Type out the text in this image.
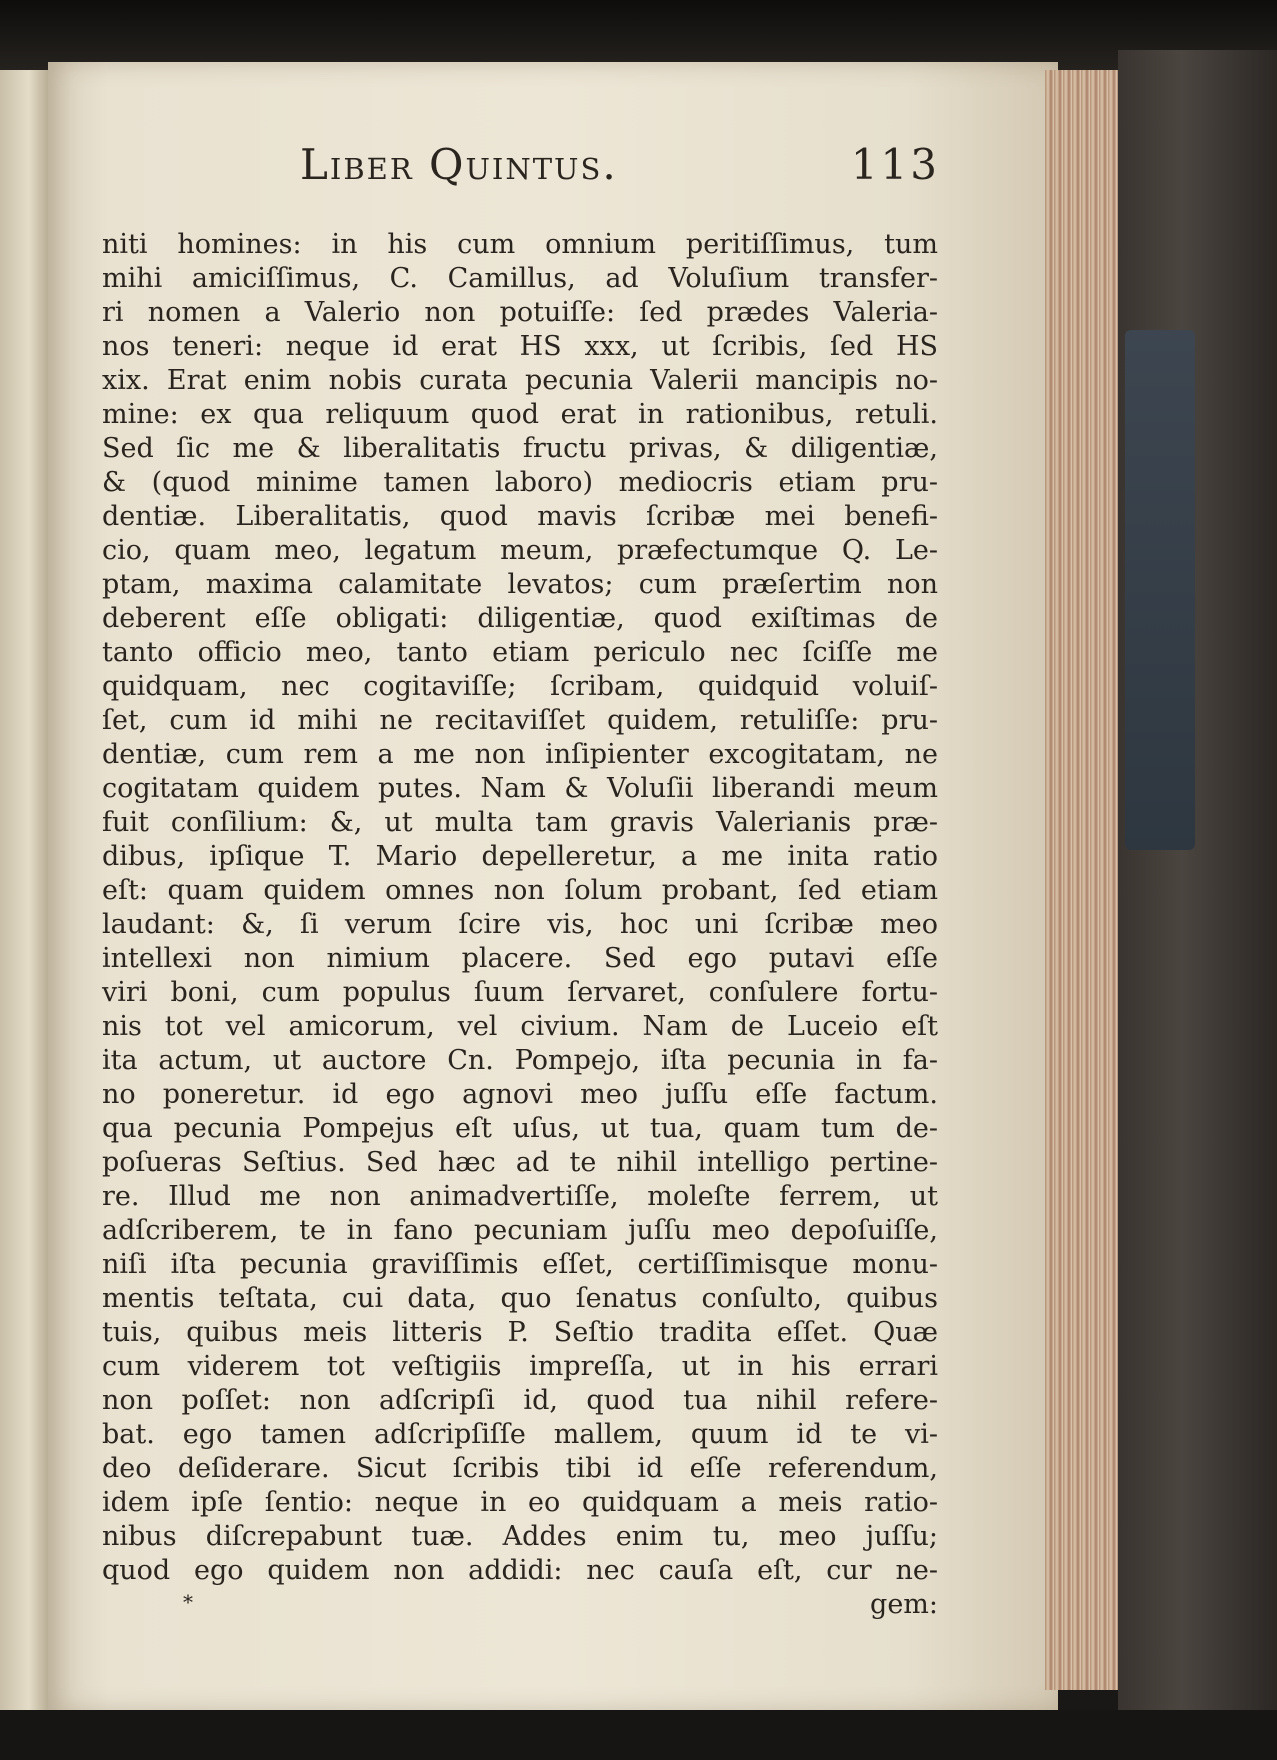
Liber Quintus.	113
niti homines: in his cum omnium peritiſſimus, tum
mihi amiciſſimus, C. Camillus, ad Voluſium transfer-
ri nomen a Valerio non potuiſſe: ſed prædes Valeria-
nos teneri: neque id erat HS xxx, ut ſcribis, ſed HS
xix. Erat enim nobis curata pecunia Valerii mancipis no-
mine: ex qua reliquum quod erat in rationibus, retuli.
Sed ſic me & liberalitatis fructu privas, & diligentiæ,
& (quod minime tamen laboro) mediocris etiam pru-
dentiæ. Liberalitatis, quod mavis ſcribæ mei benefi-
cio, quam meo, legatum meum, præfectumque Q. Le-
ptam, maxima calamitate levatos; cum præſertim non
deberent eſſe obligati: diligentiæ, quod exiſtimas de
tanto officio meo, tanto etiam periculo nec ſciſſe me
quidquam, nec cogitaviſſe; ſcribam, quidquid voluiſ-
ſet, cum id mihi ne recitaviſſet quidem, retuliſſe: pru-
dentiæ, cum rem a me non inſipienter excogitatam, ne
cogitatam quidem putes. Nam & Voluſii liberandi meum
fuit conſilium: &, ut multa tam gravis Valerianis præ-
dibus, ipſique T. Mario depelleretur, a me inita ratio
eſt: quam quidem omnes non ſolum probant, ſed etiam
laudant: &, ſi verum ſcire vis, hoc uni ſcribæ meo
intellexi non nimium placere. Sed ego putavi eſſe
viri boni, cum populus ſuum ſervaret, conſulere fortu-
nis tot vel amicorum, vel civium. Nam de Luceio eſt
ita actum, ut auctore Cn. Pompejo, iſta pecunia in fa-
no poneretur. id ego agnovi meo juſſu eſſe factum.
qua pecunia Pompejus eſt uſus, ut tua, quam tum de-
poſueras Seſtius. Sed hæc ad te nihil intelligo pertine-
re. Illud me non animadvertiſſe, moleſte ferrem, ut
adſcriberem, te in fano pecuniam juſſu meo depoſuiſſe,
niſi iſta pecunia graviſſimis eſſet, certiſſimisque monu-
mentis teſtata, cui data, quo ſenatus conſulto, quibus
tuis, quibus meis litteris P. Seſtio tradita eſſet. Quæ
cum viderem tot veſtigiis impreſſa, ut in his errari
non poſſet: non adſcripſi id, quod tua nihil refere-
bat. ego tamen adſcripſiſſe mallem, quum id te vi-
deo deſiderare. Sicut ſcribis tibi id eſſe referendum,
idem ipſe ſentio: neque in eo quidquam a meis ratio-
nibus diſcrepabunt tuæ. Addes enim tu, meo juſſu;
quod ego quidem non addidi: nec cauſa eſt, cur ne-
gem:
*
